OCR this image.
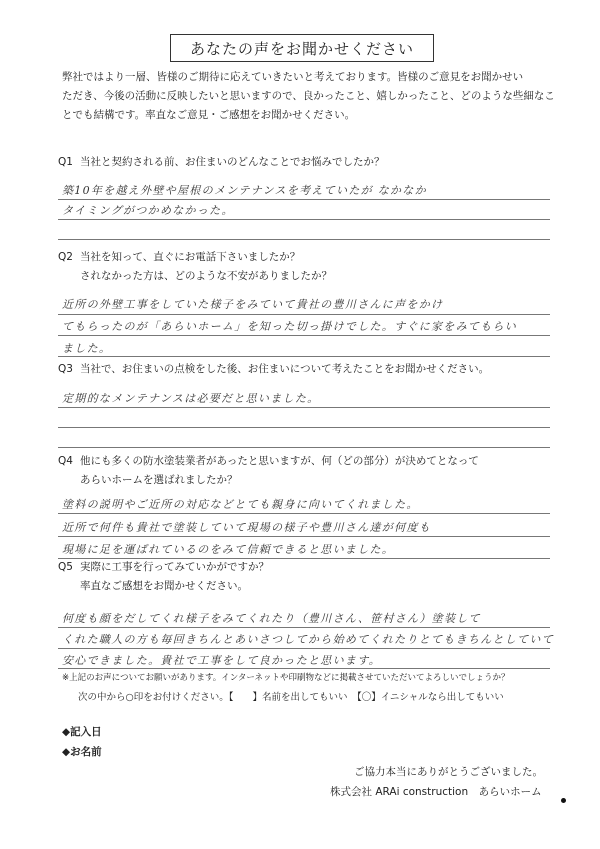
あなたの声をお聞かせください
弊社ではより一層、皆様のご期待に応えていきたいと考えております。皆様のご意見をお聞かせい
ただき、今後の活動に反映したいと思いますので、良かったこと、嬉しかったこと、どのような些細なこ
とでも結構です。率直なご意見・ご感想をお聞かせください。
Q1 当社と契約される前、お住まいのどんなことでお悩みでしたか？
築10年を越え外壁や屋根のメンテナンスを考えていたが なかなか
タイミングがつかめなかった。
Q2 当社を知って、直ぐにお電話下さいましたか？
されなかった方は、どのような不安がありましたか？
近所の外壁工事をしていた様子をみていて貴社の豊川さんに声をかけ
てもらったのが「あらいホーム」を知った切っ掛けでした。すぐに家をみてもらい
ました。
Q3 当社で、お住まいの点検をした後、お住まいについて考えたことをお聞かせください。
定期的なメンテナンスは必要だと思いました。
Q4 他にも多くの防水塗装業者があったと思いますが、何（どの部分）が決めてとなって
あらいホームを選ばれましたか？
塗料の説明やご近所の対応などとても親身に向いてくれました。
近所で何件も貴社で塗装していて現場の様子や豊川さん達が何度も
現場に足を運ばれているのをみて信頼できると思いました。
Q5 実際に工事を行ってみていかがですか？
率直なご感想をお聞かせください。
何度も顔をだしてくれ様子をみてくれたり（豊川さん、笹村さん）塗装して
くれた職人の方も毎回きちんとあいさつしてから始めてくれたりとてもきちんとしていて
安心できました。貴社で工事をして良かったと思います。
※上記のお声についてお願いがあります。インターネットや印刷物などに掲載させていただいてよろしいでしょうか？
次の中から○印をお付けください。【　　】名前を出してもいい　【〇】イニシャルなら出してもいい
◆記入日
◆お名前
ご協力本当にありがとうございました。
株式会社 ARAi construction　あらいホーム
